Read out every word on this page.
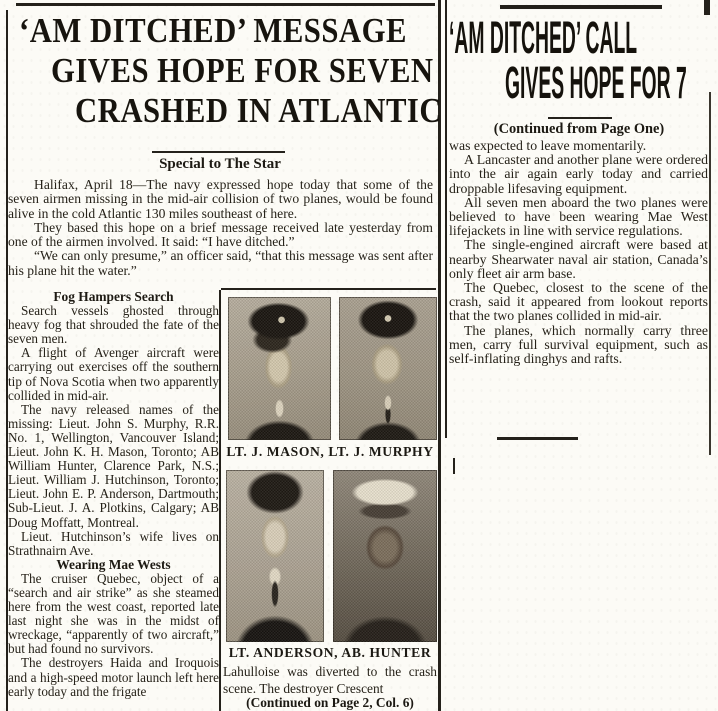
‘AM DITCHED’ MESSAGE
GIVES HOPE FOR SEVEN
CRASHED IN ATLANTIC
Special to The Star

Halifax, April 18—The navy expressed hope today that some of the seven airmen missing in the mid-air collision of two planes, would be found alive in the cold Atlantic 130 miles southeast of here.

They based this hope on a brief message received late yesterday from one of the airmen involved. It said: “I have ditched.”

“We can only presume,” an officer said, “that this message was sent after his plane hit the water.”

Fog Hampers Search

Search vessels ghosted through heavy fog that shrouded the fate of the seven men.

A flight of Avenger aircraft were carrying out exercises off the southern tip of Nova Scotia when two apparently collided in mid-air.

The navy released names of the missing: Lieut. John S. Murphy, R.R. No. 1, Wellington, Vancouver Island; Lieut. John K. H. Mason, Toronto; AB William Hunter, Clarence Park, N.S.; Lieut. William J. Hutchinson, Toronto; Lieut. John E. P. Anderson, Dartmouth; Sub-Lieut. J. A. Plotkins, Calgary; AB Doug Moffatt, Montreal.

Lieut. Hutchinson’s wife lives on Strathnairn Ave.

Wearing Mae Wests

The cruiser Quebec, object of a “search and air strike” as she steamed here from the west coast, reported late last night she was in the midst of wreckage, “apparently of two aircraft,” but had found no survivors.

The destroyers Haida and Iroquois and a high-speed motor launch left here early today and the frigate

LT. J. MASON, LT. J. MURPHY
LT. ANDERSON, AB. HUNTER

Lahulloise was diverted to the crash scene. The destroyer Crescent

(Continued on Page 2, Col. 6)
‘AM DITCHED’ CALL
GIVES HOPE FOR 7
(Continued from Page One)

was expected to leave momentarily.

A Lancaster and another plane were ordered into the air again early today and carried droppable lifesaving equipment.

All seven men aboard the two planes were believed to have been wearing Mae West lifejackets in line with service regulations.

The single-engined aircraft were based at nearby Shearwater naval air station, Canada’s only fleet air arm base.

The Quebec, closest to the scene of the crash, said it appeared from lookout reports that the two planes collided in mid-air.

The planes, which normally carry three men, carry full survival equipment, such as self-inflating dinghys and rafts.
